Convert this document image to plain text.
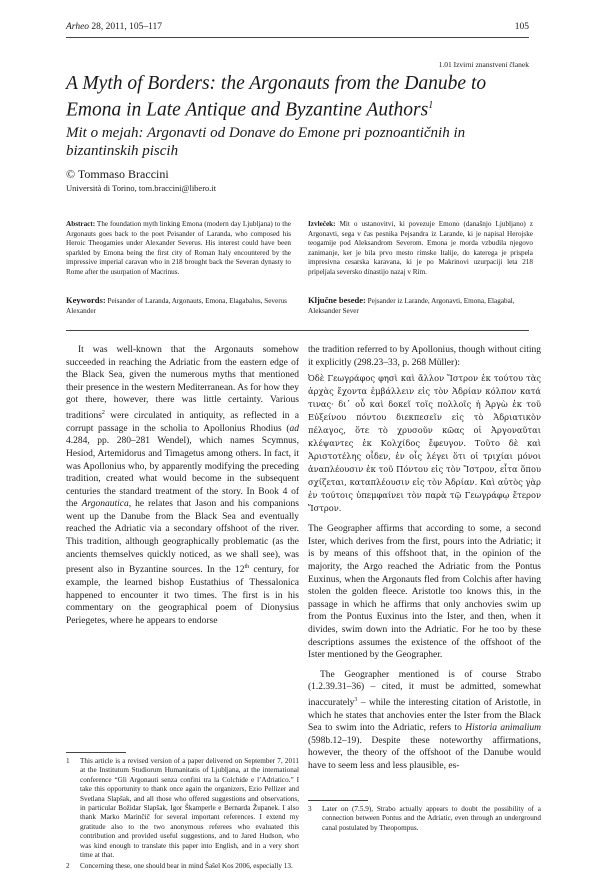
Arheo 28, 2011, 105–117	105
1.01 Izvirni znanstveni članek
A Myth of Borders: the Argonauts from the Danube to Emona in Late Antique and Byzantine Authors$^1$
Mit o mejah: Argonavti od Donave do Emone pri poznoantičnih in bizantinskih piscih
© Tommaso Braccini
Università di Torino, tom.braccini@libero.it
Abstract: The foundation myth linking Emona (modern day Ljubljana) to the Argonauts goes back to the poet Peisander of Laranda, who composed his Heroic Theogamies under Alexander Severus. His interest could have been sparkled by Emona being the first city of Roman Italy encountered by the impressive imperial caravan who in 218 brought back the Severan dynasty to Rome after the usurpation of Macrinus.
Keywords: Peisander of Laranda, Argonauts, Emona, Elagabalus, Severus Alexander
Izvleček: Mit o ustanovitvi, ki povezuje Emono (današnjo Ljubljano) z Argonavti, sega v čas pesnika Pejsandra iz Larande, ki je napisal Herojske teogamije pod Aleksandrom Severom. Emona je morda vzbudila njegovo zanimanje, ker je bila prvo mesto rimske Italije, do katerega je prispela impresivna cesarska karavana, ki je po Makrinovi uzurpaciji leta 218 pripeljala seversko dinastijo nazaj v Rim.
Ključne besede: Pejsander iz Larande, Argonavti, Emona, Elagabal, Aleksander Sever

It was well-known that the Argonauts somehow succeeded in reaching the Adriatic from the eastern edge of the Black Sea, given the numerous myths that mentioned their presence in the western Mediterranean. As for how they got there, however, there was little certainty. Various traditions$^2$ were circulated in antiquity, as reflected in a corrupt passage in the scholia to Apollonius Rhodius (ad 4.284, pp. 280–281 Wendel), which names Scymnus, Hesiod, Artemidorus and Timagetus among others. In fact, it was Apollonius who, by apparently modifying the preceding tradition, created what would become in the subsequent centuries the standard treatment of the story. In Book 4 of the Argonautica, he relates that Jason and his companions went up the Danube from the Black Sea and eventually reached the Adriatic via a secondary offshoot of the river. This tradition, although geographically problematic (as the ancients themselves quickly noticed, as we shall see), was present also in Byzantine sources. In the 12th century, for example, the learned bishop Eustathius of Thessalonica happened to encounter it two times. The first is in his commentary on the geographical poem of Dionysius Periegetes, where he appears to endorse

1	This article is a revised version of a paper delivered on September 7, 2011 at the Institutum Studiorum Humanitatis of Ljubljana, at the international conference “Gli Argonauti senza confini tra la Colchide e l’Adriatico.” I take this opportunity to thank once again the organizers, Ezio Pellizer and Svetlana Slapšak, and all those who offered suggestions and observations, in particular Božidar Slapšak, Igor Škamperle e Bernarda Županek. I also thank Marko Marinčič for several important references. I extend my gratitude also to the two anonymous referees who evaluated this contribution and provided useful suggestions, and to Jared Hudson, who was kind enough to translate this paper into English, and in a very short time at that.
2	Concerning these, one should bear in mind Šašel Kos 2006, especially 13.

the tradition referred to by Apollonius, though without citing it explicitly (298.23–33, p. 268 Müller):

Ὀδὲ Γεωγράφος φησὶ καὶ ἄλλον Ἴστρον ἐκ τούτου τὰς ἀρχὰς ἔχοντα ἐμβάλλειν εἰς τὸν Ἀδρίαν κόλπον κατά τινας· δι᾽ οὗ καὶ δοκεῖ τοῖς πολλοῖς ἡ Ἀργὼ ἐκ τοῦ Εὐξείνου πόντου διεκπεσεῖν εἰς τὸ Ἀδριατικὸν πέλαγος, ὅτε τὸ χρυσοῦν κῶας οἱ Ἀργοναῦται κλέψαντες ἐκ Κολχίδος ἔφευγον. Τοῦτο δὲ καὶ Ἀριστοτέλης οἶδεν, ἐν οἷς λέγει ὅτι οἱ τριχίαι μόνοι ἀναπλέουσιν ἐκ τοῦ Πόντου εἰς τὸν Ἴστρον, εἶτα ὅπου σχίζεται, καταπλέουσιν εἰς τὸν Ἀδρίαν. Καὶ αὐτὸς γὰρ ἐν τούτοις ὑπεμφαίνει τὸν παρὰ τῷ Γεωγράφῳ ἕτερον Ἴστρον.

The Geographer affirms that according to some, a second Ister, which derives from the first, pours into the Adriatic; it is by means of this offshoot that, in the opinion of the majority, the Argo reached the Adriatic from the Pontus Euxinus, when the Argonauts fled from Colchis after having stolen the golden fleece. Aristotle too knows this, in the passage in which he affirms that only anchovies swim up from the Pontus Euxinus into the Ister, and then, when it divides, swim down into the Adriatic. For he too by these descriptions assumes the existence of the offshoot of the Ister mentioned by the Geographer.

The Geographer mentioned is of course Strabo (1.2.39.31–36) – cited, it must be admitted, somewhat inaccurately$^3$ – while the interesting citation of Aristotle, in which he states that anchovies enter the Ister from the Black Sea to swim into the Adriatic, refers to Historia animalium (598b.12–19). Despite these noteworthy affirmations, however, the theory of the offshoot of the Danube would have to seem less and less plausible, es-

3	Later on (7.5.9), Strabo actually appears to doubt the possibility of a connection between Pontus and the Adriatic, even through an underground canal postulated by Theopompus.
